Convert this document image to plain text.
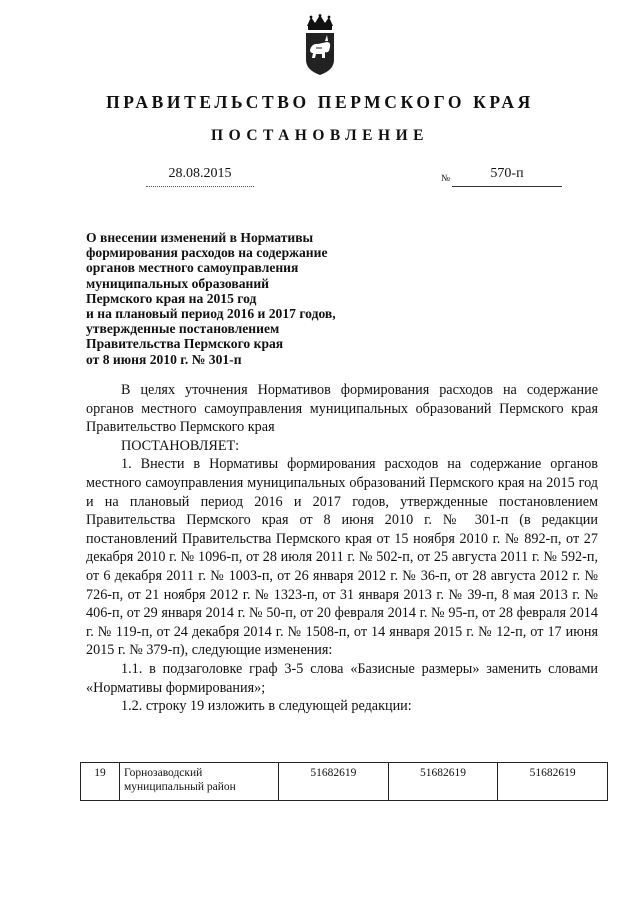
ПРАВИТЕЛЬСТВО ПЕРМСКОГО КРАЯ
ПОСТАНОВЛЕНИЕ
28.08.2015	№	570-п
О внесении изменений в Нормативы
формирования расходов на содержание
органов местного самоуправления
муниципальных образований
Пермского края на 2015 год
и на плановый период 2016 и 2017 годов,
утвержденные постановлением
Правительства Пермского края
от 8 июня 2010 г. № 301-п

В целях уточнения Нормативов формирования расходов на содержание органов местного самоуправления муниципальных образований Пермского края Правительство Пермского края

ПОСТАНОВЛЯЕТ:

1. Внести в Нормативы формирования расходов на содержание органов местного самоуправления муниципальных образований Пермского края на 2015 год и на плановый период 2016 и 2017 годов, утвержденные постановлением Правительства Пермского края от 8 июня 2010 г. № 301-п (в редакции постановлений Правительства Пермского края от 15 ноября 2010 г. № 892-п, от 27 декабря 2010 г. № 1096-п, от 28 июля 2011 г. № 502-п, от 25 августа 2011 г. № 592-п, от 6 декабря 2011 г. № 1003-п, от 26 января 2012 г. № 36-п, от 28 августа 2012 г. № 726-п, от 21 ноября 2012 г. № 1323-п, от 31 января 2013 г. № 39-п, 8 мая 2013 г. № 406-п, от 29 января 2014 г. № 50-п, от 20 февраля 2014 г. № 95-п, от 28 февраля 2014 г. № 119-п, от 24 декабря 2014 г. № 1508-п, от 14 января 2015 г. № 12-п, от 17 июня 2015 г. № 379-п), следующие изменения:

1.1. в подзаголовке граф 3-5 слова «Базисные размеры» заменить словами «Нормативы формирования»;

1.2. строку 19 изложить в следующей редакции:

19	Горнозаводский муниципальный район	51682619	51682619	51682619
